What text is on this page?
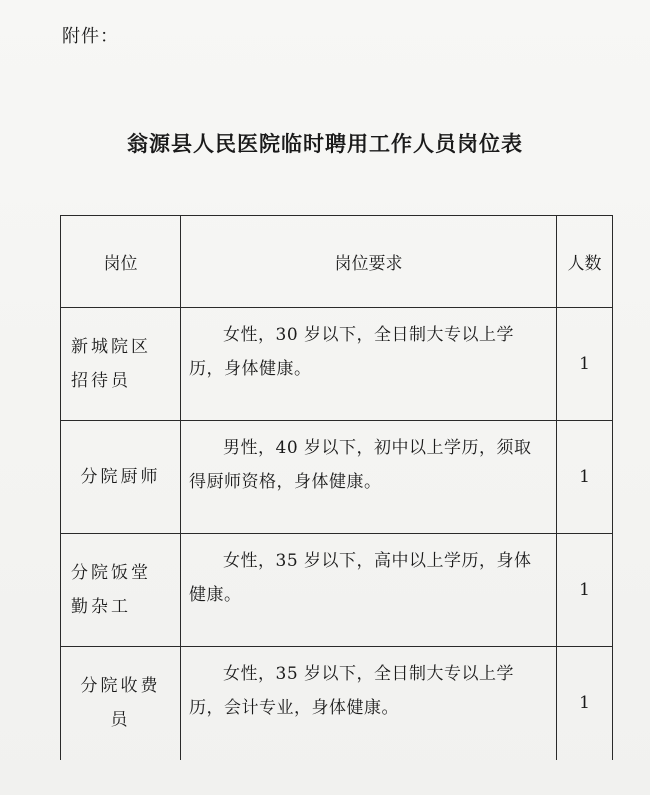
附件：
翁源县人民医院临时聘用工作人员岗位表
岗位	岗位要求	人数
新城院区招待员	女性，30 岁以下，全日制大专以上学历，身体健康。	1
分院厨师	男性，40 岁以下，初中以上学历，须取得厨师资格，身体健康。	1
分院饭堂勤杂工	女性，35 岁以下，高中以上学历，身体健康。	1
分院收费员	女性，35 岁以下，全日制大专以上学历，会计专业，身体健康。	1
